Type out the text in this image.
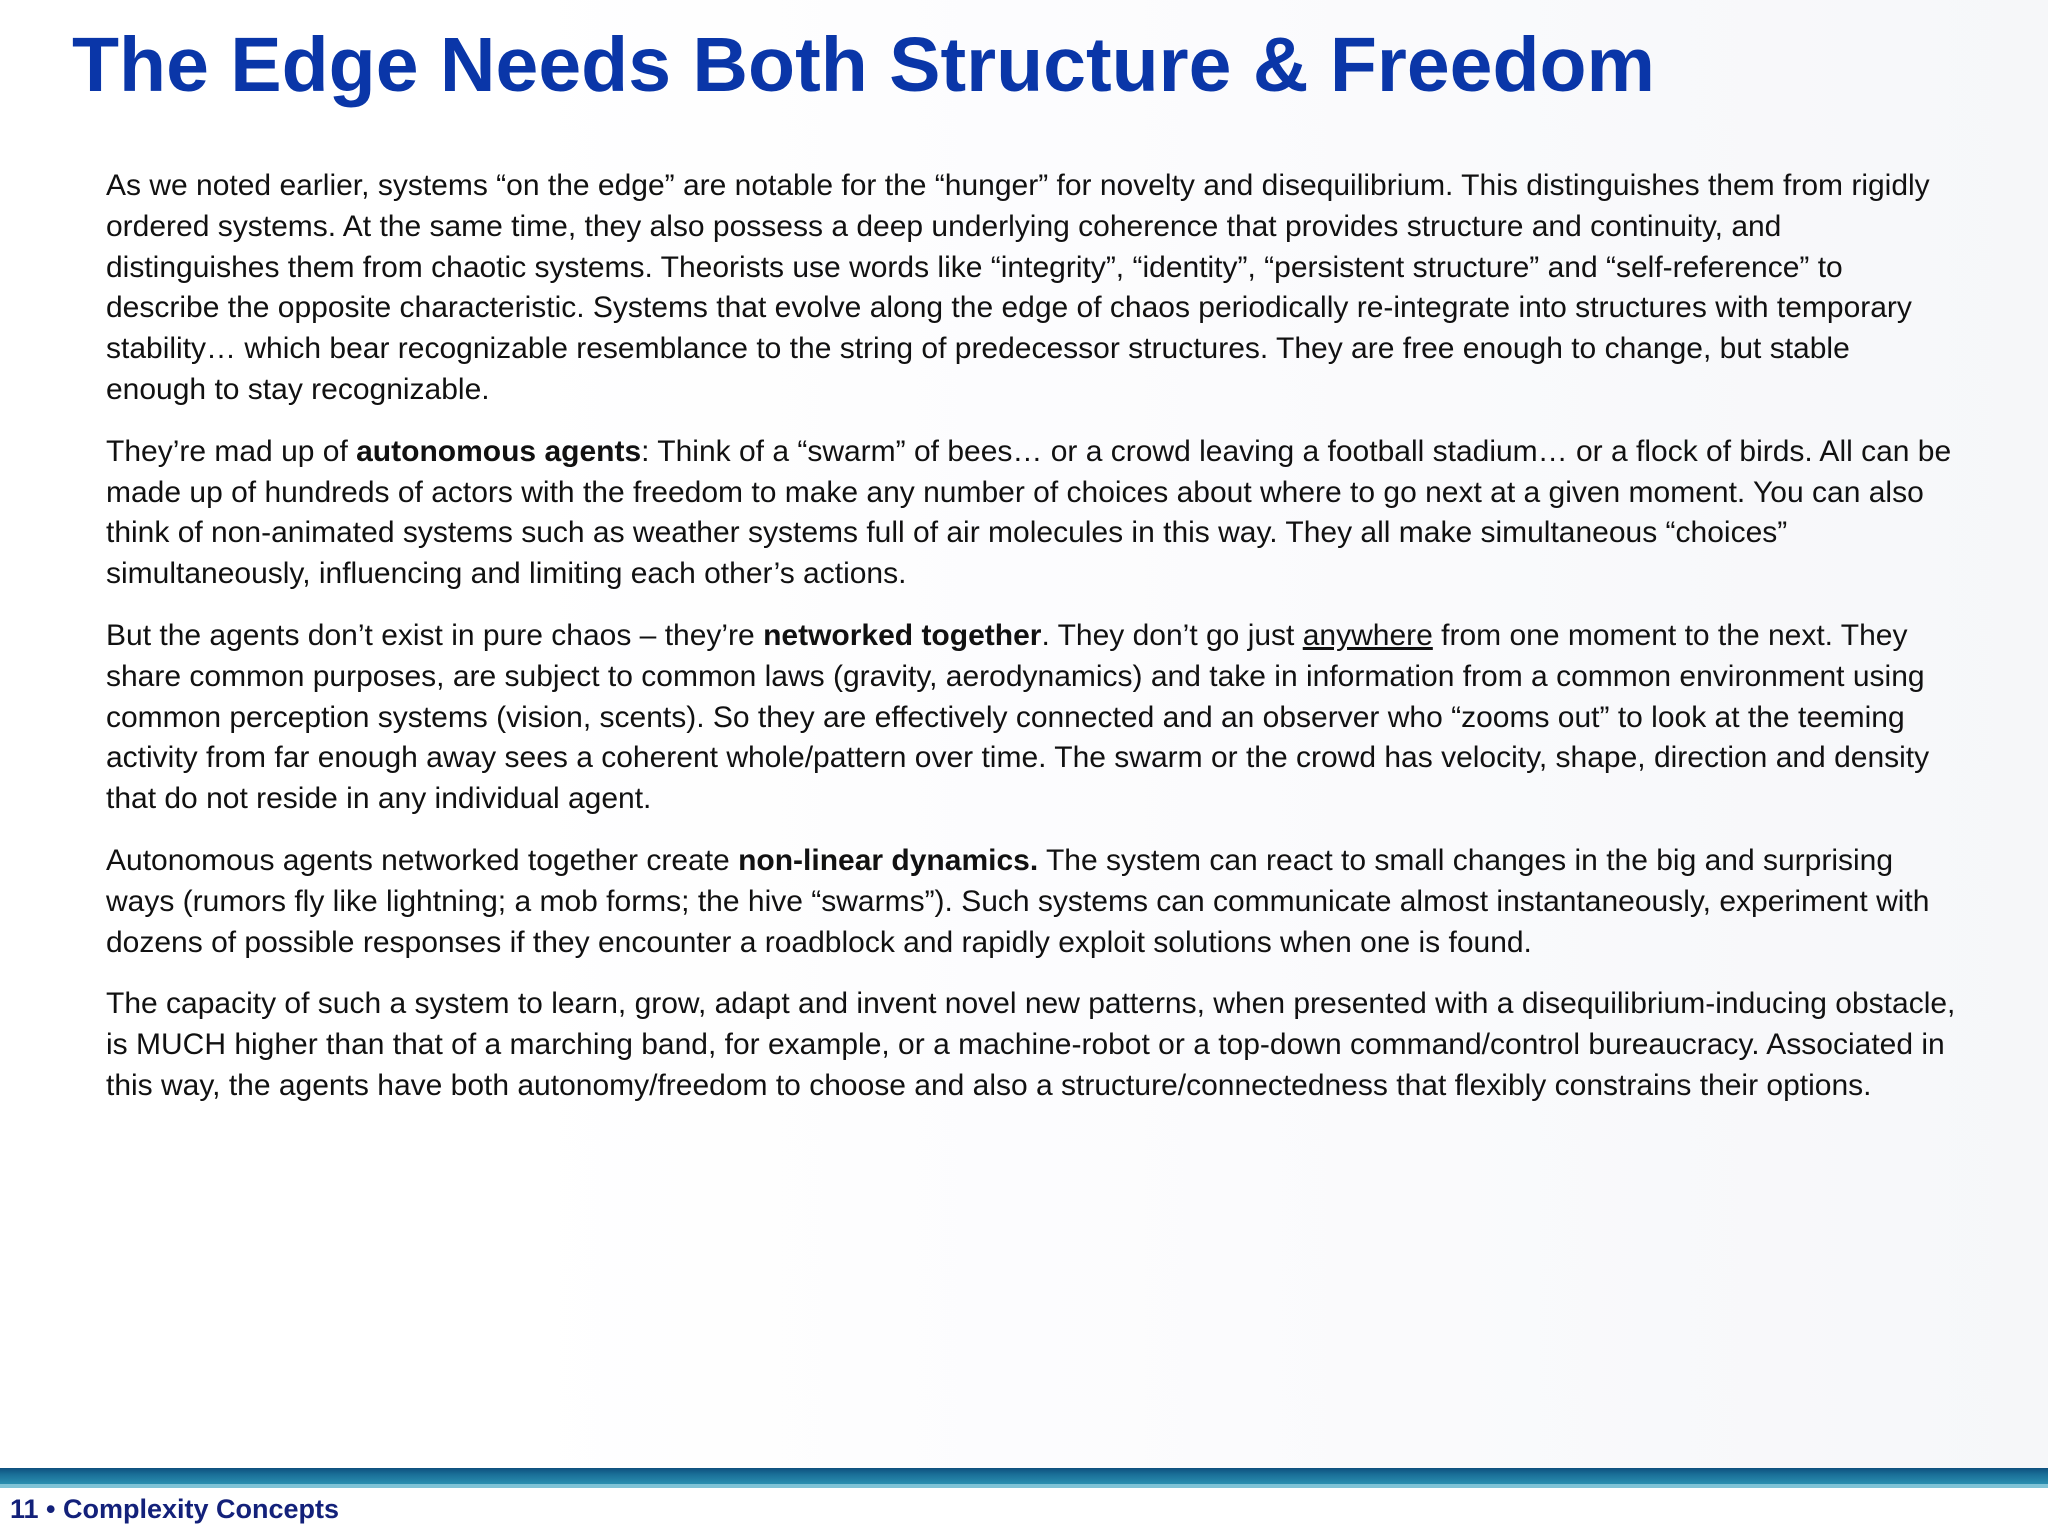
The Edge Needs Both Structure & Freedom

As we noted earlier, systems “on the edge” are notable for the “hunger” for novelty and disequilibrium. This distinguishes them from rigidly ordered systems. At the same time, they also possess a deep underlying coherence that provides structure and continuity, and distinguishes them from chaotic systems. Theorists use words like “integrity”, “identity”, “persistent structure” and “self-reference” to describe the opposite characteristic. Systems that evolve along the edge of chaos periodically re-integrate into structures with temporary stability… which bear recognizable resemblance to the string of predecessor structures. They are free enough to change, but stable enough to stay recognizable.

They’re mad up of autonomous agents: Think of a “swarm” of bees… or a crowd leaving a football stadium… or a flock of birds. All can be made up of hundreds of actors with the freedom to make any number of choices about where to go next at a given moment. You can also think of non-animated systems such as weather systems full of air molecules in this way. They all make simultaneous “choices” simultaneously, influencing and limiting each other’s actions.

But the agents don’t exist in pure chaos – they’re networked together. They don’t go just anywhere from one moment to the next. They share common purposes, are subject to common laws (gravity, aerodynamics) and take in information from a common environment using common perception systems (vision, scents). So they are effectively connected and an observer who “zooms out” to look at the teeming activity from far enough away sees a coherent whole/pattern over time. The swarm or the crowd has velocity, shape, direction and density that do not reside in any individual agent.

Autonomous agents networked together create non-linear dynamics. The system can react to small changes in the big and surprising ways (rumors fly like lightning; a mob forms; the hive “swarms”). Such systems can communicate almost instantaneously, experiment with dozens of possible responses if they encounter a roadblock and rapidly exploit solutions when one is found.

The capacity of such a system to learn, grow, adapt and invent novel new patterns, when presented with a disequilibrium-inducing obstacle, is MUCH higher than that of a marching band, for example, or a machine-robot or a top-down command/control bureaucracy. Associated in this way, the agents have both autonomy/freedom to choose and also a structure/connectedness that flexibly constrains their options.

11 • Complexity Concepts
